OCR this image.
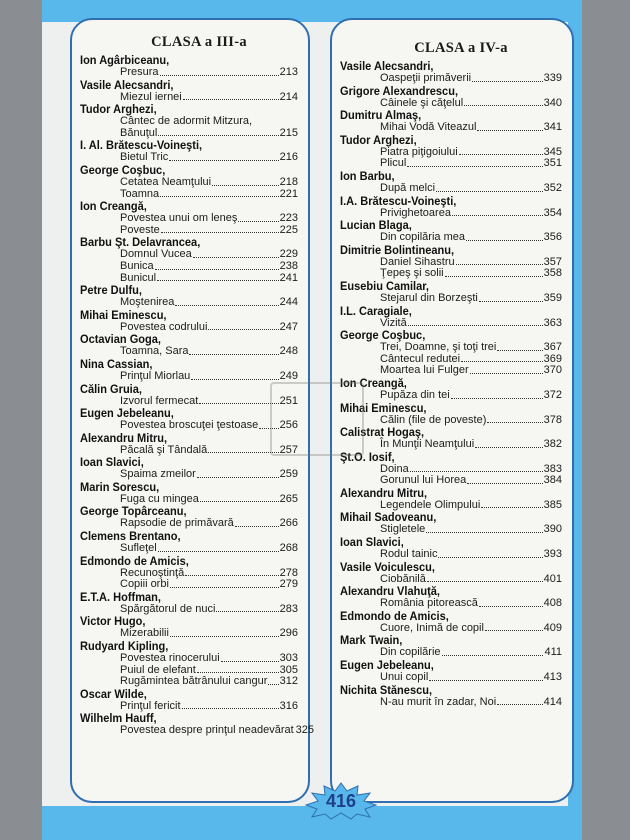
CLASA a III-a
Ion Agârbiceanu,
Presura	213
Vasile Alecsandri,
Miezul iernei	214
Tudor Arghezi,
Cântec de adormit Mitzura,
Bănuţul	215
I. Al. Brătescu-Voineşti,
Bietul Tric	216
George Coşbuc,
Cetatea Neamţului	218
Toamna	221
Ion Creangă,
Povestea unui om leneş	223
Poveste	225
Barbu Şt. Delavrancea,
Domnul Vucea	229
Bunica	238
Bunicul	241
Petre Dulfu,
Moştenirea	244
Mihai Eminescu,
Povestea codrului	247
Octavian Goga,
Toamna, Sara	248
Nina Cassian,
Prinţul Miorlau	249
Călin Gruia,
Izvorul fermecat	251
Eugen Jebeleanu,
Povestea broscuţei ţestoase 256
Alexandru Mitru,
Păcală şi Tândală	257
Ioan Slavici,
Spaima zmeilor	259
Marin Sorescu,
Fuga cu mingea	265
George Topârceanu,
Rapsodie de primăvară	266
Clemens Brentano,
Sufleţel	268
Edmondo de Amicis,
Recunoştinţă	278
Copiii orbi	279
E.T.A. Hoffman,
Spărgătorul de nuci	283
Victor Hugo,
Mizerabilii	296
Rudyard Kipling,
Povestea rinocerului	303
Puiul de elefant	305
Rugămintea bătrânului cangur 312
Oscar Wilde,
Prinţul fericit	316
Wilhelm Hauff,
Povestea despre prinţul neadevărat 325
CLASA a IV-a
Vasile Alecsandri,
Oaspeţii primăverii	339
Grigore Alexandrescu,
Câinele şi căţelul	340
Dumitru Almaş,
Mihai Vodă Viteazul	341
Tudor Arghezi,
Piatra piţigoiului	345
Plicul	351
Ion Barbu,
După melci	352
I.A. Brătescu-Voineşti,
Privighetoarea	354
Lucian Blaga,
Din copilăria mea	356
Dimitrie Bolintineanu,
Daniel Sihastru	357
Ţepeş şi solii	358
Eusebiu Camilar,
Stejarul din Borzeşti	359
I.L. Caragiale,
Vizită	363
George Coşbuc,
Trei, Doamne, şi toţi trei	367
Cântecul redutei	369
Moartea lui Fulger	370
Ion Creangă,
Pupăza din tei	372
Mihai Eminescu,
Călin (file de poveste)	378
Calistrat Hogaş,
În Munţii Neamţului	382
Şt.O. Iosif,
Doina	383
Gorunul lui Horea	384
Alexandru Mitru,
Legendele Olimpului	385
Mihail Sadoveanu,
Stigletele	390
Ioan Slavici,
Rodul tainic	393
Vasile Voiculescu,
Ciobănilă	401
Alexandru Vlahuţă,
România pitorească	408
Edmondo de Amicis,
Cuore, Inimă de copil	409
Mark Twain,
Din copilărie	411
Eugen Jebeleanu,
Unui copil	413
Nichita Stănescu,
N-au murit în zadar, Noi	414
416
